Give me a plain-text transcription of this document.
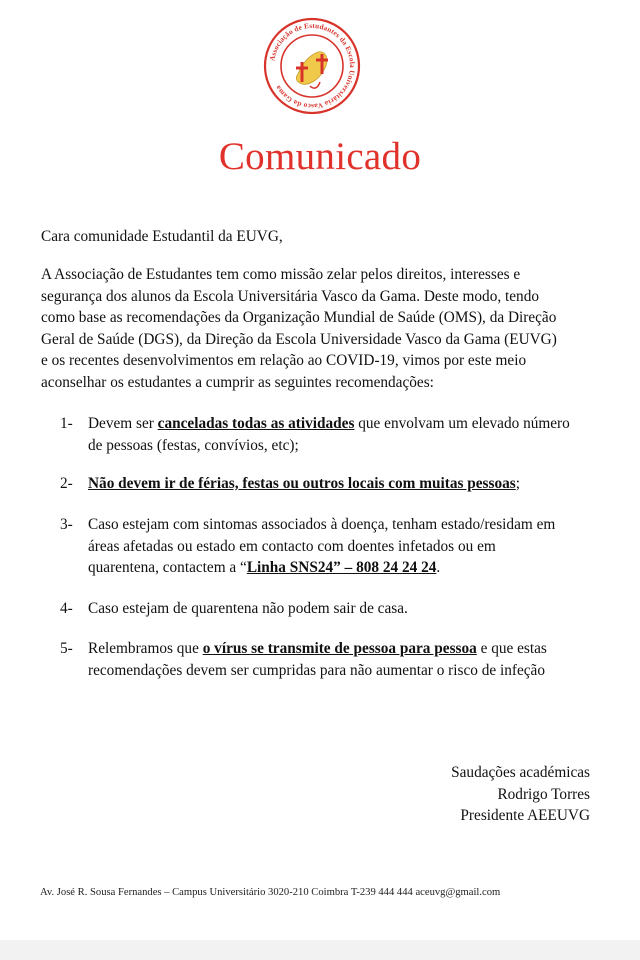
Associação de Estudantes da Escola Universitária Vasco da Gama
Comunicado
Cara comunidade Estudantil da EUVG,
A Associação de Estudantes tem como missão zelar pelos direitos, interesses e segurança dos alunos da Escola Universitária Vasco da Gama. Deste modo, tendo como base as recomendações da Organização Mundial de Saúde (OMS), da Direção Geral de Saúde (DGS), da Direção da Escola Universidade Vasco da Gama (EUVG) e os recentes desenvolvimentos em relação ao COVID-19, vimos por este meio aconselhar os estudantes a cumprir as seguintes recomendações:
1- Devem ser canceladas todas as atividades que envolvam um elevado número de pessoas (festas, convívios, etc);
2- Não devem ir de férias, festas ou outros locais com muitas pessoas;
3- Caso estejam com sintomas associados à doença, tenham estado/residam em áreas afetadas ou estado em contacto com doentes infetados ou em quarentena, contactem a “Linha SNS24” – 808 24 24 24.
4- Caso estejam de quarentena não podem sair de casa.
5- Relembramos que o vírus se transmite de pessoa para pessoa e que estas recomendações devem ser cumpridas para não aumentar o risco de infeção
Saudações académicas
Rodrigo Torres
Presidente AEEUVG
Av. José R. Sousa Fernandes – Campus Universitário 3020-210 Coimbra T-239 444 444 aceuvg@gmail.com
